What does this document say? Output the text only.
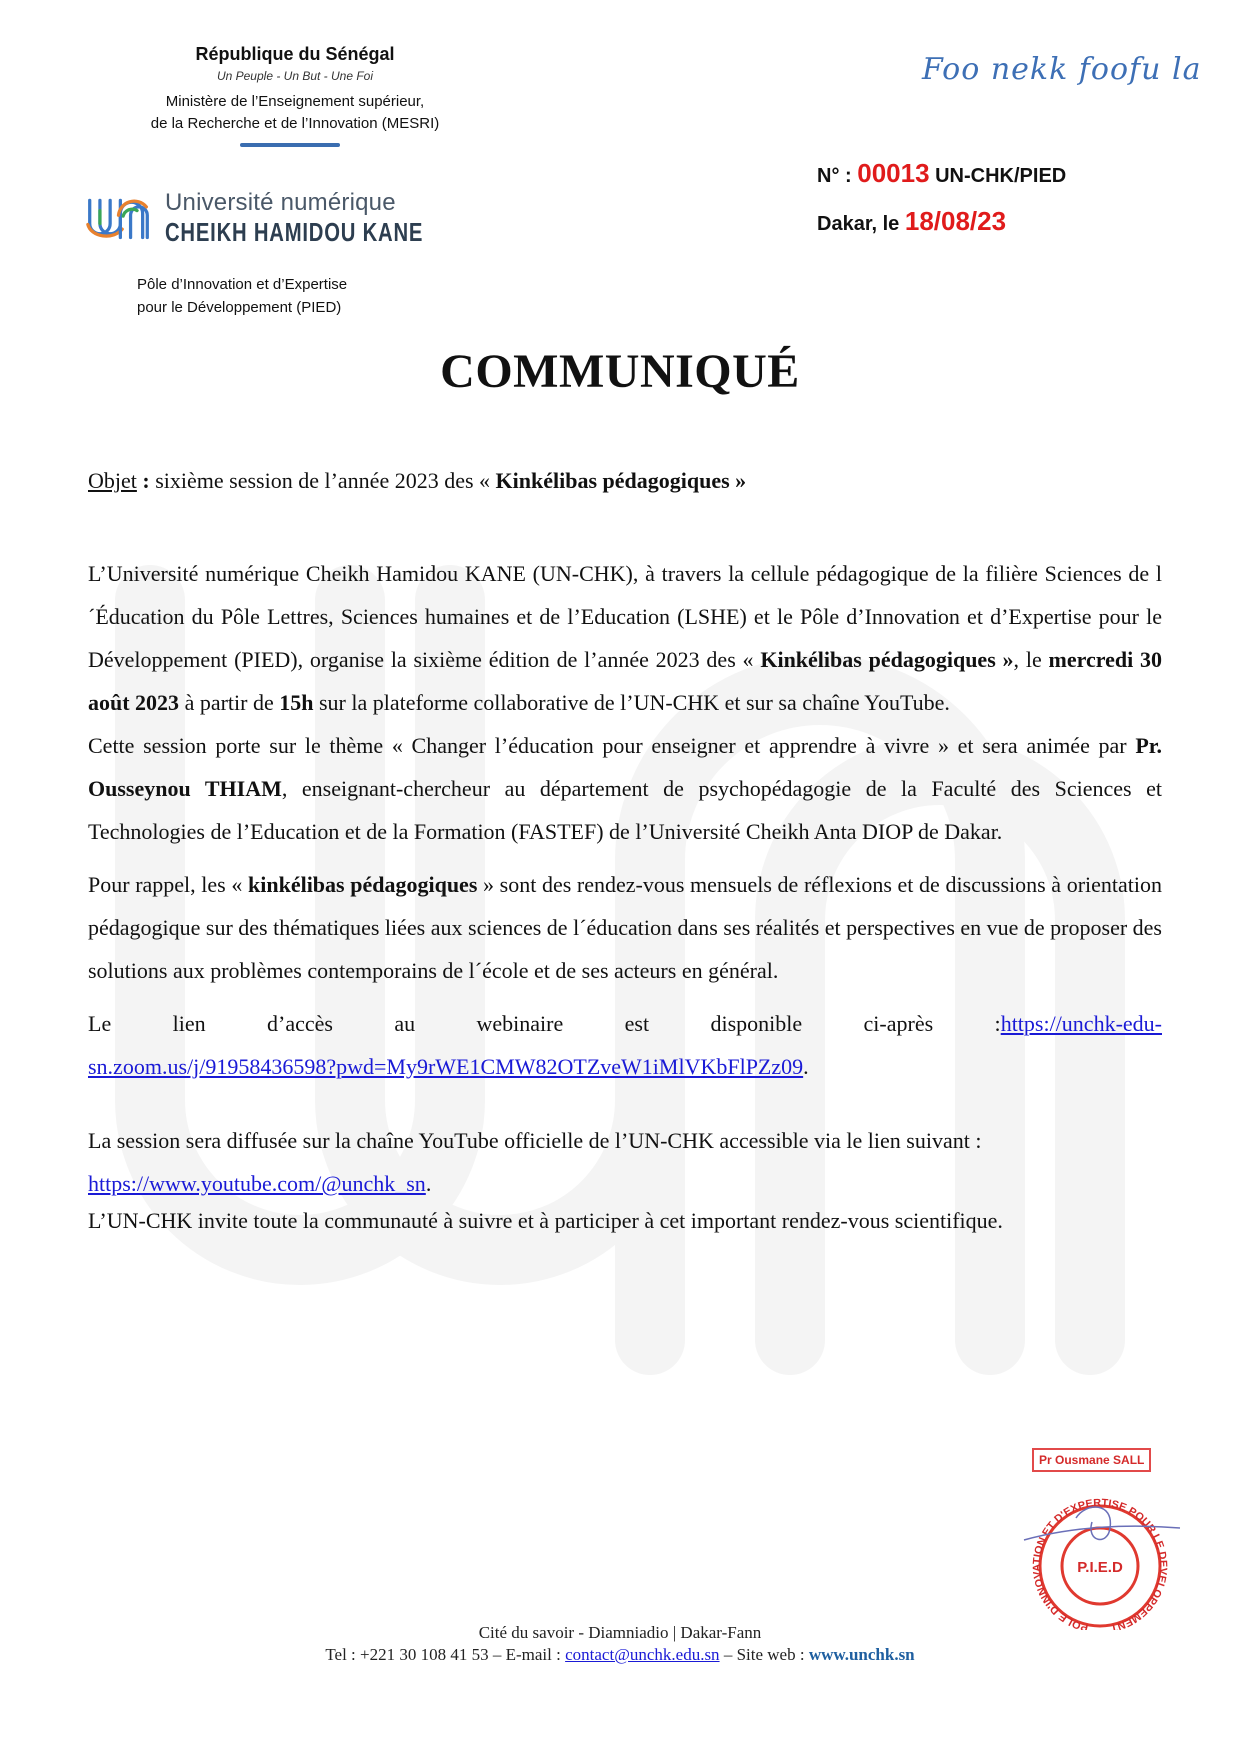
République du Sénégal
Un Peuple - Un But - Une Foi
Ministère de l’Enseignement supérieur,
de la Recherche et de l’Innovation (MESRI)
Université numérique
CHEIKH HAMIDOU KANE
Pôle d’Innovation et d’Expertise
pour le Développement (PIED)
Foo nekk foofu la
N° : 00013 UN-CHK/PIED
Dakar, le 18/08/23
COMMUNIQUÉ
Objet : sixième session de l’année 2023 des « Kinkélibas pédagogiques »

L’Université numérique Cheikh Hamidou KANE (UN-CHK), à travers la cellule pédagogique de la filière Sciences de l´Éducation du Pôle Lettres, Sciences humaines et de l’Education (LSHE) et le Pôle d’Innovation et d’Expertise pour le Développement (PIED), organise la sixième édition de l’année 2023 des « Kinkélibas pédagogiques », le mercredi 30 août 2023 à partir de 15h sur la plateforme collaborative de l’UN-CHK et sur sa chaîne YouTube.

Cette session porte sur le thème « Changer l’éducation pour enseigner et apprendre à vivre » et sera animée par Pr. Ousseynou THIAM, enseignant-chercheur au département de psychopédagogie de la Faculté des Sciences et Technologies de l’Education et de la Formation (FASTEF) de l’Université Cheikh Anta DIOP de Dakar.

Pour rappel, les « kinkélibas pédagogiques » sont des rendez-vous mensuels de réflexions et de discussions à orientation pédagogique sur des thématiques liées aux sciences de l´éducation dans ses réalités et perspectives en vue de proposer des solutions aux problèmes contemporains de l´école et de ses acteurs en général.

Le lien d’accès au webinaire est disponible ci-après :https://unchk-edu-

sn.zoom.us/j/91958436598?pwd=My9rWE1CMW82OTZveW1iMlVKbFlPZz09.

La session sera diffusée sur la chaîne YouTube officielle de l’UN-CHK accessible via le lien suivant :

https://www.youtube.com/@unchk_sn.

L’UN-CHK invite toute la communauté à suivre et à participer à cet important rendez-vous scientifique.

POLE D'INNOVATION ET D'EXPERTISE POUR LE DEVELOPPEMENT
P.I.E.D
Pr Ousmane SALL
Cité du savoir - Diamniadio | Dakar-Fann
Tel : +221 30 108 41 53 – E-mail : contact@unchk.edu.sn – Site web : www.unchk.sn
